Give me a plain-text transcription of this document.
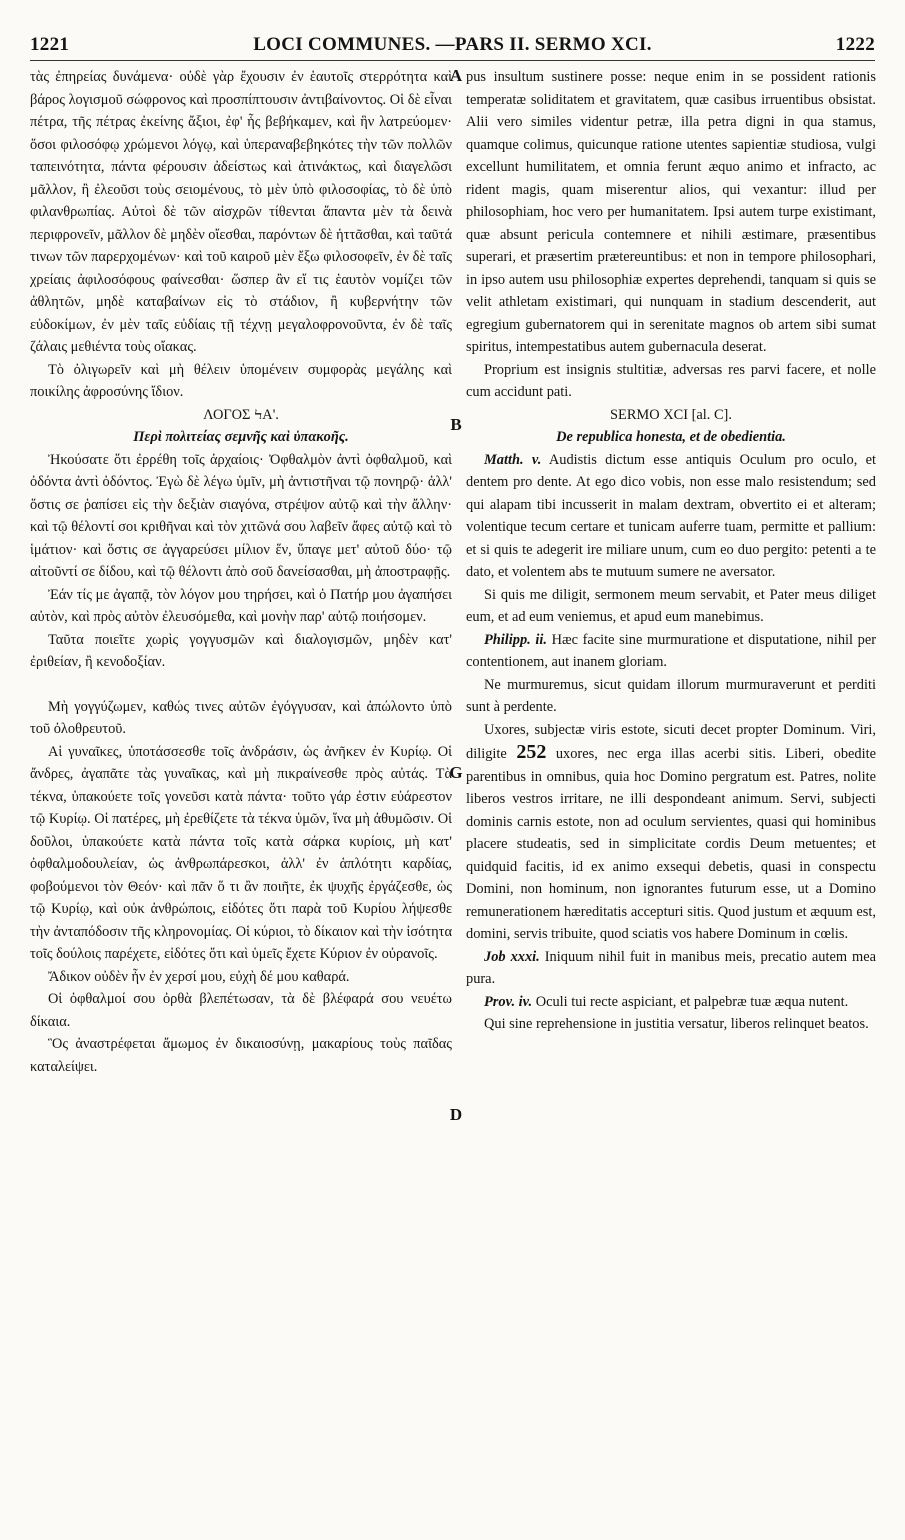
1221	LOCI COMMUNES. —PARS II. SERMO XCI.	1222
A
B
G
D

τὰς ἐπηρείας δυνάμενα· οὐδὲ γὰρ ἔχουσιν ἐν ἑαυτοῖς στερρότητα καὶ βάρος λογισμοῦ σώφρονος καὶ προσπίπτουσιν ἀντιβαίνοντος. Οἱ δὲ εἶναι πέτρα, τῆς πέτρας ἐκείνης ἄξιοι, ἐφ' ἧς βεβήκαμεν, καὶ ἣν λατρεύομεν· ὅσοι φιλοσόφῳ χρώμενοι λόγῳ, καὶ ὑπεραναβεβηκότες τὴν τῶν πολλῶν ταπεινότητα, πάντα φέρουσιν ἀδείστως καὶ ἀτινάκτως, καὶ διαγελῶσι μᾶλλον, ἢ ἐλεοῦσι τοὺς σειομένους, τὸ μὲν ὑπὸ φιλοσοφίας, τὸ δὲ ὑπὸ φιλανθρωπίας. Αὐτοὶ δὲ τῶν αἰσχρῶν τίθενται ἅπαντα μὲν τὰ δεινὰ περιφρονεῖν, μᾶλλον δὲ μηδὲν οἴεσθαι, παρόντων δὲ ἡττᾶσθαι, καὶ ταῦτά τινων τῶν παρερχομένων· καὶ τοῦ καιροῦ μὲν ἔξω φιλοσοφεῖν, ἐν δὲ ταῖς χρείαις ἀφιλοσόφους φαίνεσθαι· ὥσπερ ἂν εἴ τις ἑαυτὸν νομίζει τῶν ἀθλητῶν, μηδὲ καταβαίνων εἰς τὸ στάδιον, ἢ κυβερνήτην τῶν εὐδοκίμων, ἐν μὲν ταῖς εὐδίαις τῇ τέχνῃ μεγαλοφρονοῦντα, ἐν δὲ ταῖς ζάλαις μεθιέντα τοὺς οἴακας.

Τὸ ὀλιγωρεῖν καὶ μὴ θέλειν ὑπομένειν συμφορὰς μεγάλης καὶ ποικίλης ἀφροσύνης ἴδιον.

ΛΟΓΟΣ ϞΑ'.

Περὶ πολιτείας σεμνῆς καὶ ὑπακοῆς.

Ἠκούσατε ὅτι ἐρρέθη τοῖς ἀρχαίοις· Ὀφθαλμὸν ἀντὶ ὀφθαλμοῦ, καὶ ὀδόντα ἀντὶ ὀδόντος. Ἐγὼ δὲ λέγω ὑμῖν, μὴ ἀντιστῆναι τῷ πονηρῷ· ἀλλ' ὅστις σε ῥαπίσει εἰς τὴν δεξιὰν σιαγόνα, στρέψον αὐτῷ καὶ τὴν ἄλλην· καὶ τῷ θέλοντί σοι κριθῆναι καὶ τὸν χιτῶνά σου λαβεῖν ἄφες αὐτῷ καὶ τὸ ἱμάτιον· καὶ ὅστις σε ἀγγαρεύσει μίλιον ἕν, ὕπαγε μετ' αὐτοῦ δύο· τῷ αἰτοῦντί σε δίδου, καὶ τῷ θέλοντι ἀπὸ σοῦ δανείσασθαι, μὴ ἀποστραφῇς.

Ἐάν τίς με ἀγαπᾷ, τὸν λόγον μου τηρήσει, καὶ ὁ Πατήρ μου ἀγαπήσει αὐτὸν, καὶ πρὸς αὐτὸν ἐλευσόμεθα, καὶ μονὴν παρ' αὐτῷ ποιήσομεν.

Ταῦτα ποιεῖτε χωρὶς γογγυσμῶν καὶ διαλογισμῶν, μηδὲν κατ' ἐριθείαν, ἢ κενοδοξίαν.

Μὴ γογγύζωμεν, καθώς τινες αὐτῶν ἐγόγγυσαν, καὶ ἀπώλοντο ὑπὸ τοῦ ὀλοθρευτοῦ.

Αἱ γυναῖκες, ὑποτάσσεσθε τοῖς ἀνδράσιν, ὡς ἀνῆκεν ἐν Κυρίῳ. Οἱ ἄνδρες, ἀγαπᾶτε τὰς γυναῖκας, καὶ μὴ πικραίνεσθε πρὸς αὐτάς. Τὰ τέκνα, ὑπακούετε τοῖς γονεῦσι κατὰ πάντα· τοῦτο γάρ ἐστιν εὐάρεστον τῷ Κυρίῳ. Οἱ πατέρες, μὴ ἐρεθίζετε τὰ τέκνα ὑμῶν, ἵνα μὴ ἀθυμῶσιν. Οἱ δοῦλοι, ὑπακούετε κατὰ πάντα τοῖς κατὰ σάρκα κυρίοις, μὴ κατ' ὀφθαλμοδουλείαν, ὡς ἀνθρωπάρεσκοι, ἀλλ' ἐν ἁπλότητι καρδίας, φοβούμενοι τὸν Θεόν· καὶ πᾶν ὅ τι ἂν ποιῆτε, ἐκ ψυχῆς ἐργάζεσθε, ὡς τῷ Κυρίῳ, καὶ οὐκ ἀνθρώποις, εἰδότες ὅτι παρὰ τοῦ Κυρίου λήψεσθε τὴν ἀνταπόδοσιν τῆς κληρονομίας. Οἱ κύριοι, τὸ δίκαιον καὶ τὴν ἰσότητα τοῖς δούλοις παρέχετε, εἰδότες ὅτι καὶ ὑμεῖς ἔχετε Κύριον ἐν οὐρανοῖς.

Ἄδικον οὐδὲν ἦν ἐν χερσί μου, εὐχὴ δέ μου καθαρά.

Οἱ ὀφθαλμοί σου ὀρθὰ βλεπέτωσαν, τὰ δὲ βλέφαρά σου νευέτω δίκαια.

Ὃς ἀναστρέφεται ἄμωμος ἐν δικαιοσύνῃ, μακαρίους τοὺς παῖδας καταλείψει.

pus insultum sustinere posse: neque enim in se possident rationis temperatæ soliditatem et gravitatem, quæ casibus irruentibus obsistat. Alii vero similes videntur petræ, illa petra digni in qua stamus, quamque colimus, quicunque ratione utentes sapientiæ studiosa, vulgi excellunt humilitatem, et omnia ferunt æquo animo et infracto, ac rident magis, quam miserentur alios, qui vexantur: illud per philosophiam, hoc vero per humanitatem. Ipsi autem turpe existimant, quæ absunt pericula contemnere et nihili æstimare, præsentibus superari, et præsertim prætereuntibus: et non in tempore philosophari, in ipso autem usu philosophiæ expertes deprehendi, tanquam si quis se velit athletam existimari, qui nunquam in stadium descenderit, aut egregium gubernatorem qui in serenitate magnos ob artem sibi sumat spiritus, intempestatibus autem gubernacula deserat.

Proprium est insignis stultitiæ, adversas res parvi facere, et nolle cum accidunt pati.

SERMO XCI [al. C].

De republica honesta, et de obedientia.

Matth. v. Audistis dictum esse antiquis Oculum pro oculo, et dentem pro dente. At ego dico vobis, non esse malo resistendum; sed qui alapam tibi incusserit in malam dextram, obvertito ei et alteram; volentique tecum certare et tunicam auferre tuam, permitte et pallium: et si quis te adegerit ire miliare unum, cum eo duo pergito: petenti a te dato, et volentem abs te mutuum sumere ne aversator.

Si quis me diligit, sermonem meum servabit, et Pater meus diliget eum, et ad eum veniemus, et apud eum manebimus.

Philipp. ii. Hæc facite sine murmuratione et disputatione, nihil per contentionem, aut inanem gloriam.

Ne murmuremus, sicut quidam illorum murmuraverunt et perditi sunt à perdente.

Uxores, subjectæ viris estote, sicuti decet propter Dominum. Viri, diligite 252 uxores, nec erga illas acerbi sitis. Liberi, obedite parentibus in omnibus, quia hoc Domino pergratum est. Patres, nolite liberos vestros irritare, ne illi despondeant animum. Servi, subjecti dominis carnis estote, non ad oculum servientes, quasi qui hominibus placere studeatis, sed in simplicitate cordis Deum metuentes; et quidquid facitis, id ex animo exsequi debetis, quasi in conspectu Domini, non hominum, non ignorantes futurum esse, ut a Domino remunerationem hæreditatis accepturi sitis. Quod justum et æquum est, domini, servis tribuite, quod sciatis vos habere Dominum in cœlis.

Job xxxi. Iniquum nihil fuit in manibus meis, precatio autem mea pura.

Prov. iv. Oculi tui recte aspiciant, et palpebræ tuæ æqua nutent.

Qui sine reprehensione in justitia versatur, liberos relinquet beatos.
